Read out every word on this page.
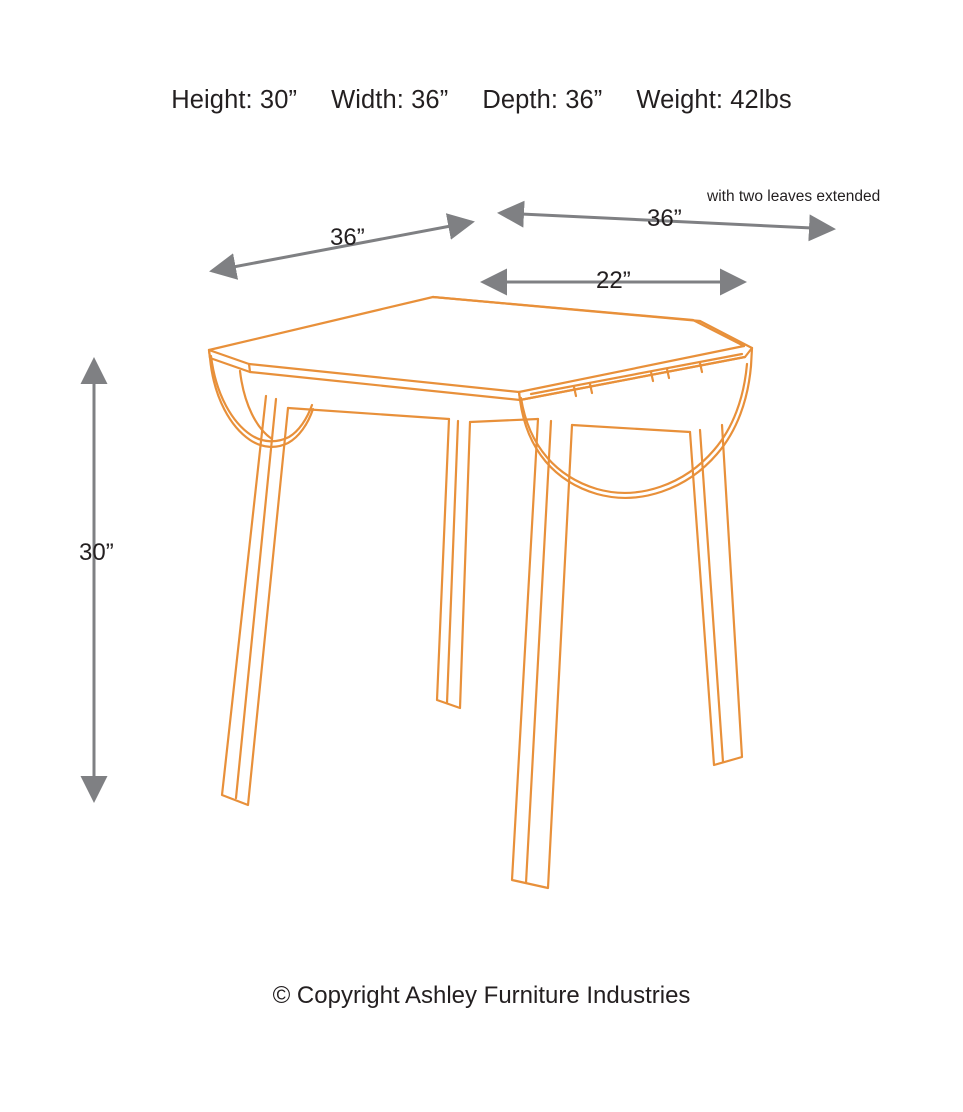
Height: 30” Width: 36” Depth: 36” Weight: 42lbs
36”
36”
22”
30”
with two leaves extended
© Copyright Ashley Furniture Industries
